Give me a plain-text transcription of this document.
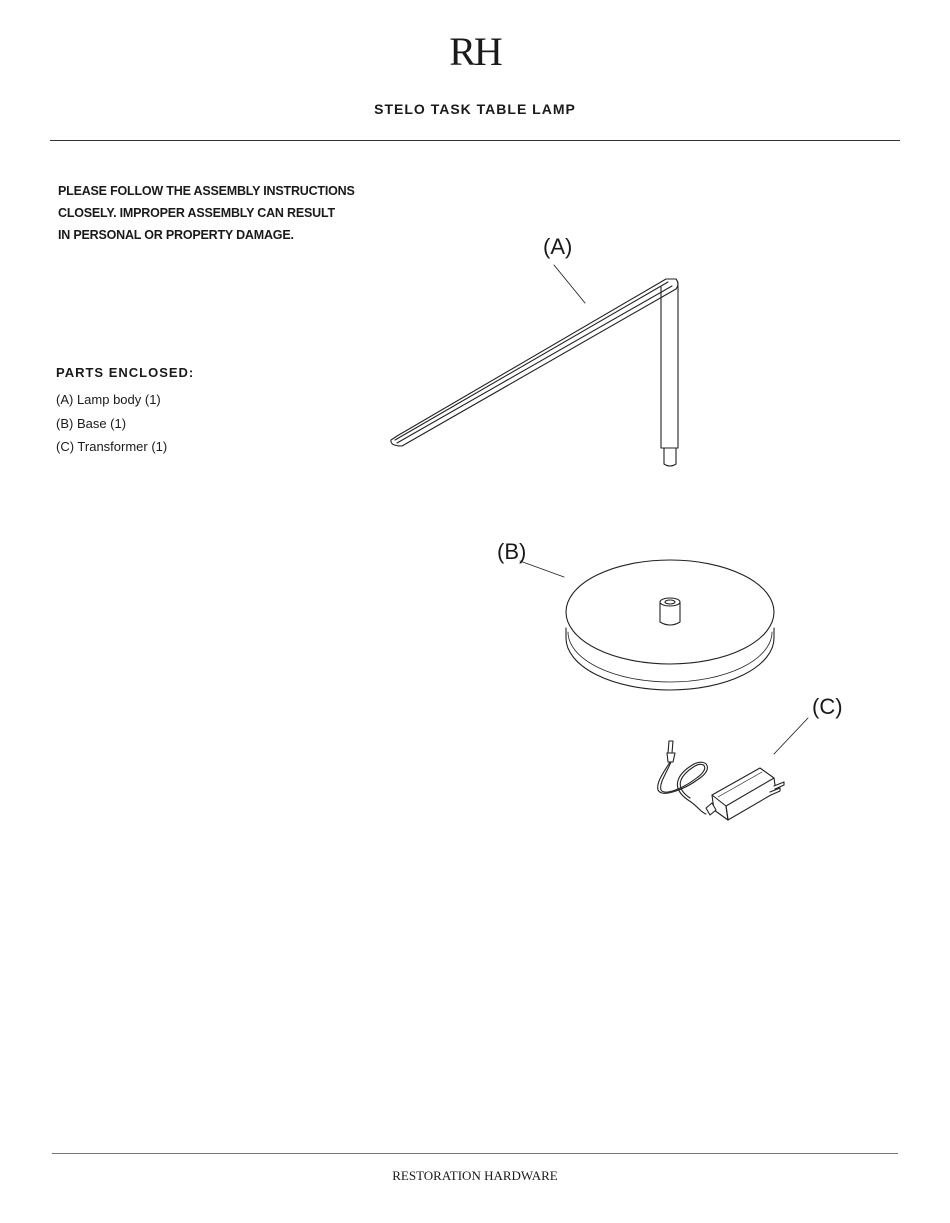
RH
STELO TASK TABLE LAMP
PLEASE FOLLOW THE ASSEMBLY INSTRUCTIONS
CLOSELY. IMPROPER ASSEMBLY CAN RESULT
IN PERSONAL OR PROPERTY DAMAGE.
PARTS ENCLOSED:
(A) Lamp body (1)
(B) Base (1)
(C) Transformer (1)
(A)
(B)
(C)
RESTORATION HARDWARE
